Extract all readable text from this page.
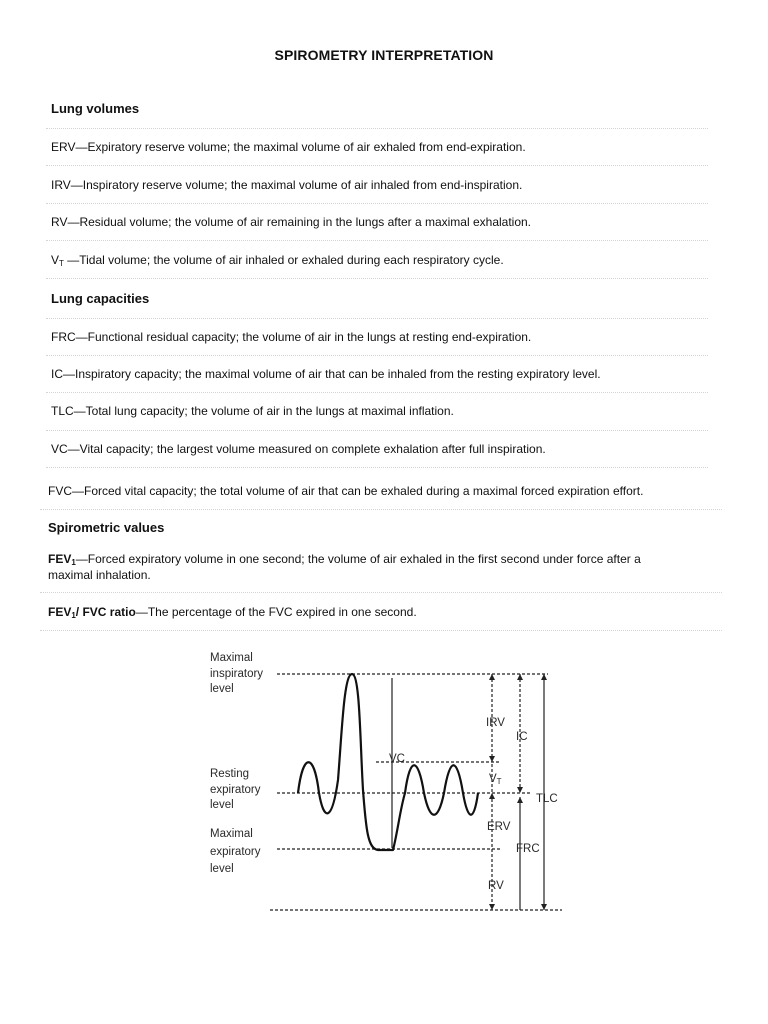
SPIROMETRY INTERPRETATION
Lung volumes
ERV—Expiratory reserve volume; the maximal volume of air exhaled from end-expiration.
IRV—Inspiratory reserve volume; the maximal volume of air inhaled from end-inspiration.
RV—Residual volume; the volume of air remaining in the lungs after a maximal exhalation.
$V_T$ —Tidal volume; the volume of air inhaled or exhaled during each respiratory cycle.
Lung capacities
FRC—Functional residual capacity; the volume of air in the lungs at resting end-expiration.
IC—Inspiratory capacity; the maximal volume of air that can be inhaled from the resting expiratory level.
TLC—Total lung capacity; the volume of air in the lungs at maximal inflation.
VC—Vital capacity; the largest volume measured on complete exhalation after full inspiration.
FVC—Forced vital capacity; the total volume of air that can be exhaled during a maximal forced expiration effort.
Spirometric values
$FEV_1—Forced$ expiratory volume in one second; the volume of air exhaled in the first second under force after a maximal inhalation.
$FEV_1/$ FVC ratio—The percentage of the FVC expired in one second.
Maximal
inspiratory
level
Resting
expiratory
level
Maximal
expiratory
level
VC
IRV
VT
ERV
RV
IC
FRC
TLC
